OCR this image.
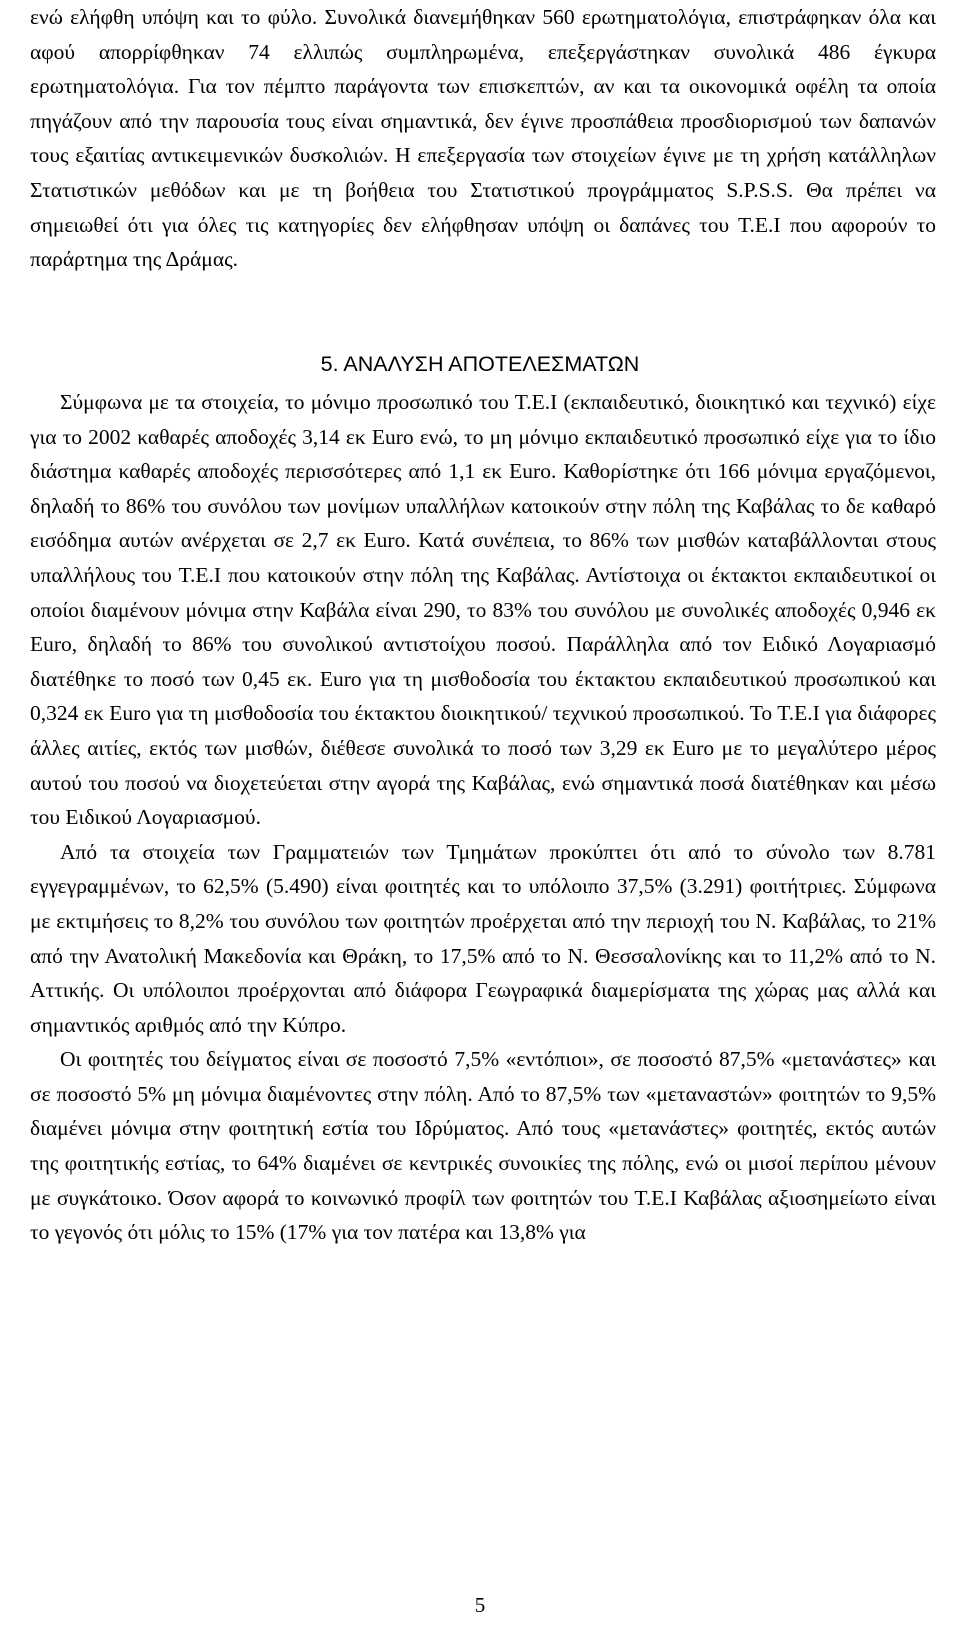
ενώ ελήφθη υπόψη και το φύλο. Συνολικά διανεμήθηκαν 560 ερωτηματολόγια, επιστράφηκαν όλα και αφού απορρίφθηκαν 74 ελλιπώς συμπληρωμένα, επεξεργάστηκαν συνολικά 486 έγκυρα ερωτηματολόγια. Για τον πέμπτο παράγοντα των επισκεπτών, αν και τα οικονομικά οφέλη τα οποία πηγάζουν από την παρουσία τους είναι σημαντικά, δεν έγινε προσπάθεια προσδιορισμού των δαπανών τους εξαιτίας αντικειμενικών δυσκολιών. Η επεξεργασία των στοιχείων έγινε με τη χρήση κατάλληλων Στατιστικών μεθόδων και με τη βοήθεια του Στατιστικού προγράμματος S.P.S.S. Θα πρέπει να σημειωθεί ότι για όλες τις κατηγορίες δεν ελήφθησαν υπόψη οι δαπάνες του Τ.Ε.Ι που αφορούν το παράρτημα της Δράμας.

5. ΑΝΑΛΥΣΗ ΑΠΟΤΕΛΕΣΜΑΤΩΝ

Σύμφωνα με τα στοιχεία, το μόνιμο προσωπικό του Τ.Ε.Ι (εκπαιδευτικό, διοικητικό και τεχνικό) είχε για το 2002 καθαρές αποδοχές 3,14 εκ Euro ενώ, το μη μόνιμο εκπαιδευτικό προσωπικό είχε για το ίδιο διάστημα καθαρές αποδοχές περισσότερες από 1,1 εκ Euro. Καθορίστηκε ότι 166 μόνιμα εργαζόμενοι, δηλαδή το 86% του συνόλου των μονίμων υπαλλήλων κατοικούν στην πόλη της Καβάλας το δε καθαρό εισόδημα αυτών ανέρχεται σε 2,7 εκ Euro. Κατά συνέπεια, το 86% των μισθών καταβάλλονται στους υπαλλήλους του Τ.Ε.Ι που κατοικούν στην πόλη της Καβάλας. Αντίστοιχα οι έκτακτοι εκπαιδευτικοί οι οποίοι διαμένουν μόνιμα στην Καβάλα είναι 290, το 83% του συνόλου με συνολικές αποδοχές 0,946 εκ Euro, δηλαδή το 86% του συνολικού αντιστοίχου ποσού. Παράλληλα από τον Ειδικό Λογαριασμό διατέθηκε το ποσό των 0,45 εκ. Euro για τη μισθοδοσία του έκτακτου εκπαιδευτικού προσωπικού και 0,324 εκ Euro για τη μισθοδοσία του έκτακτου διοικητικού/ τεχνικού προσωπικού. Το Τ.Ε.Ι για διάφορες άλλες αιτίες, εκτός των μισθών, διέθεσε συνολικά το ποσό των 3,29 εκ Euro με το μεγαλύτερο μέρος αυτού του ποσού να διοχετεύεται στην αγορά της Καβάλας, ενώ σημαντικά ποσά διατέθηκαν και μέσω του Ειδικού Λογαριασμού.

Από τα στοιχεία των Γραμματειών των Τμημάτων προκύπτει ότι από το σύνολο των 8.781 εγγεγραμμένων, το 62,5% (5.490) είναι φοιτητές και το υπόλοιπο 37,5% (3.291) φοιτήτριες. Σύμφωνα με εκτιμήσεις το 8,2% του συνόλου των φοιτητών προέρχεται από την περιοχή του Ν. Καβάλας, το 21% από την Ανατολική Μακεδονία και Θράκη, το 17,5% από το Ν. Θεσσαλονίκης και το 11,2% από το Ν. Αττικής. Οι υπόλοιποι προέρχονται από διάφορα Γεωγραφικά διαμερίσματα της χώρας μας αλλά και σημαντικός αριθμός από την Κύπρο.

Οι φοιτητές του δείγματος είναι σε ποσοστό 7,5% «εντόπιοι», σε ποσοστό 87,5% «μετανάστες» και σε ποσοστό 5% μη μόνιμα διαμένοντες στην πόλη. Από το 87,5% των «μεταναστών» φοιτητών το 9,5% διαμένει μόνιμα στην φοιτητική εστία του Ιδρύματος. Από τους «μετανάστες» φοιτητές, εκτός αυτών της φοιτητικής εστίας, το 64% διαμένει σε κεντρικές συνοικίες της πόλης, ενώ οι μισοί περίπου μένουν με συγκάτοικο. Όσον αφορά το κοινωνικό προφίλ των φοιτητών του Τ.Ε.Ι Καβάλας αξιοσημείωτο είναι το γεγονός ότι μόλις το 15% (17% για τον πατέρα και 13,8% για

5
